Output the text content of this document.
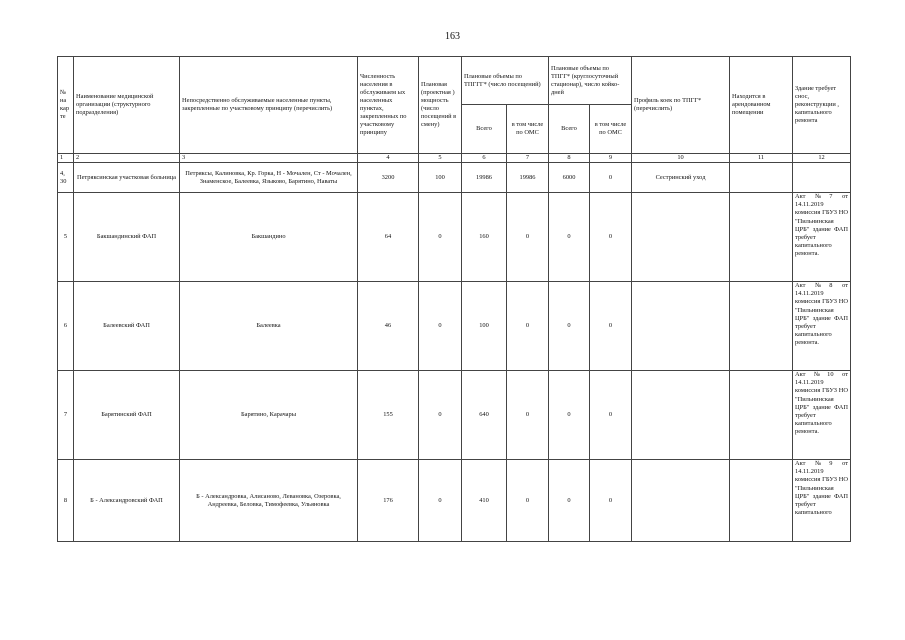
163
№ на кар те	Наименование медицинской организации (структурного подразделения)	Непосредственно обслуживаемые населенные пункты, закрепленные по участковому принципу (перечислить)	Численность населения в обслуживаем ых населенных пунктах, закрепленных по участковому принципу	Плановая (проектная ) мощность (число посещений в смену)	Плановые объемы по ТПГГГ* (число посещений)		Плановые объемы по ТПГГ* (круглосуточный стационар), число койко-дней		Профиль коек по ТПГГ* (перечислить)	Находится в арендованном помещении	Здание требует снос, реконструкции , капитального ремонта
					Всего	в том числе по ОМС	Всего	в том числе по ОМС			
1	2	3	4	5	6	7	8	9	10	11	12
4, 30	Петряксинская участковая больница	Петряксы, Калиновка, Кр. Горка, Н - Мочален, Ст - Мочален, Знаменское, Балеевка, Языково, Барятино, Наваты	3200	100	19986	19986	6000	0	Сестринский уход		
5	Бакшандинский ФАП	Бакшандино	64	0	160	0	0	0			Акт №7 от 14.11.2019 комиссия ГБУЗ НО "Пильнинская ЦРБ" здание ФАП требует капитального ремонта.
6	Балеевский ФАП	Балеевка	46	0	100	0	0	0			Акт №8 от 14.11.2019 комиссия ГБУЗ НО "Пильнинская ЦРБ" здание ФАП требует капитального ремонта.
7	Барятинский ФАП	Барятино, Карачары	155	0	640	0	0	0			Акт №10 от 14.11.2019 комиссия ГБУЗ НО "Пильнинская ЦРБ" здание ФАП требует капитального ремонта.
8	Б - Александровский ФАП	Б - Александровка, Алисаново, Левановка, Озеровка, Андреевка, Беловка, Тимофеевка, Ульяновка	176	0	410	0	0	0			Акт №9 от 14.11.2019 комиссия ГБУЗ НО "Пильнинская ЦРБ" здание ФАП требует капитального
